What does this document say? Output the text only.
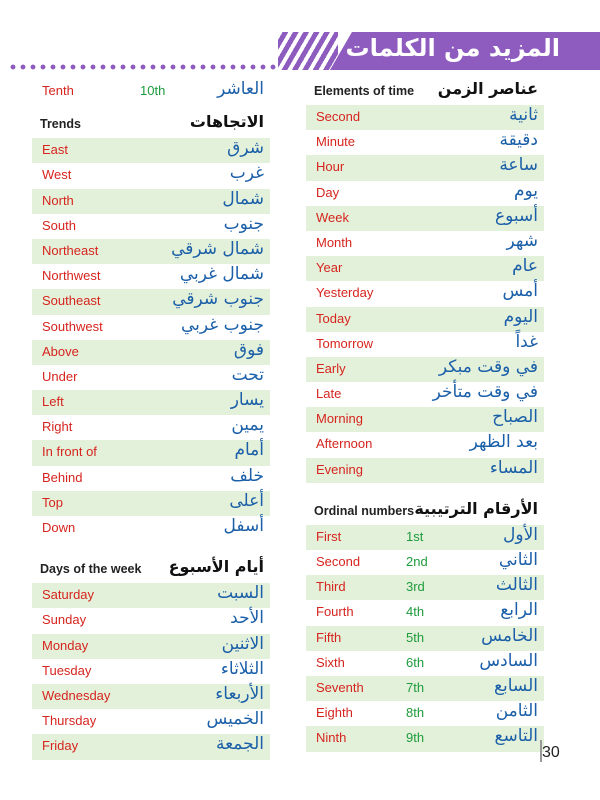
المزيد من الكلمات
Tenth	10th	العاشر
Trends	الاتجاهات
East	شرق
West	غرب
North	شمال
South	جنوب
Northeast	شمال شرقي
Northwest	شمال غربي
Southeast	جنوب شرقي
Southwest	جنوب غربي
Above	فوق
Under	تحت
Left	يسار
Right	يمين
In front of	أمام
Behind	خلف
Top	أعلى
Down	أسفل
Days of the week أيام الأسبوع
Saturday	السبت
Sunday	الأحد
Monday	الاثنين
Tuesday	الثلاثاء
Wednesday	الأربعاء
Thursday	الخميس
Friday	الجمعة
Elements of time عناصر الزمن
Second	ثانية
Minute	دقيقة
Hour	ساعة
Day	يوم
Week	أسبوع
Month	شهر
Year	عام
Yesterday	أمس
Today	اليوم
Tomorrow	غداً
Early	في وقت مبكر
Late	في وقت متأخر
Morning	الصباح
Afternoon	بعد الظهر
Evening	المساء
Ordinal numbers الأرقام الترتيبية
First	1st	الأول
Second	2nd	الثاني
Third	3rd	الثالث
Fourth	4th	الرابع
Fifth	5th	الخامس
Sixth	6th	السادس
Seventh	7th	السابع
Eighth	8th	الثامن
Ninth	9th	التاسع
30
